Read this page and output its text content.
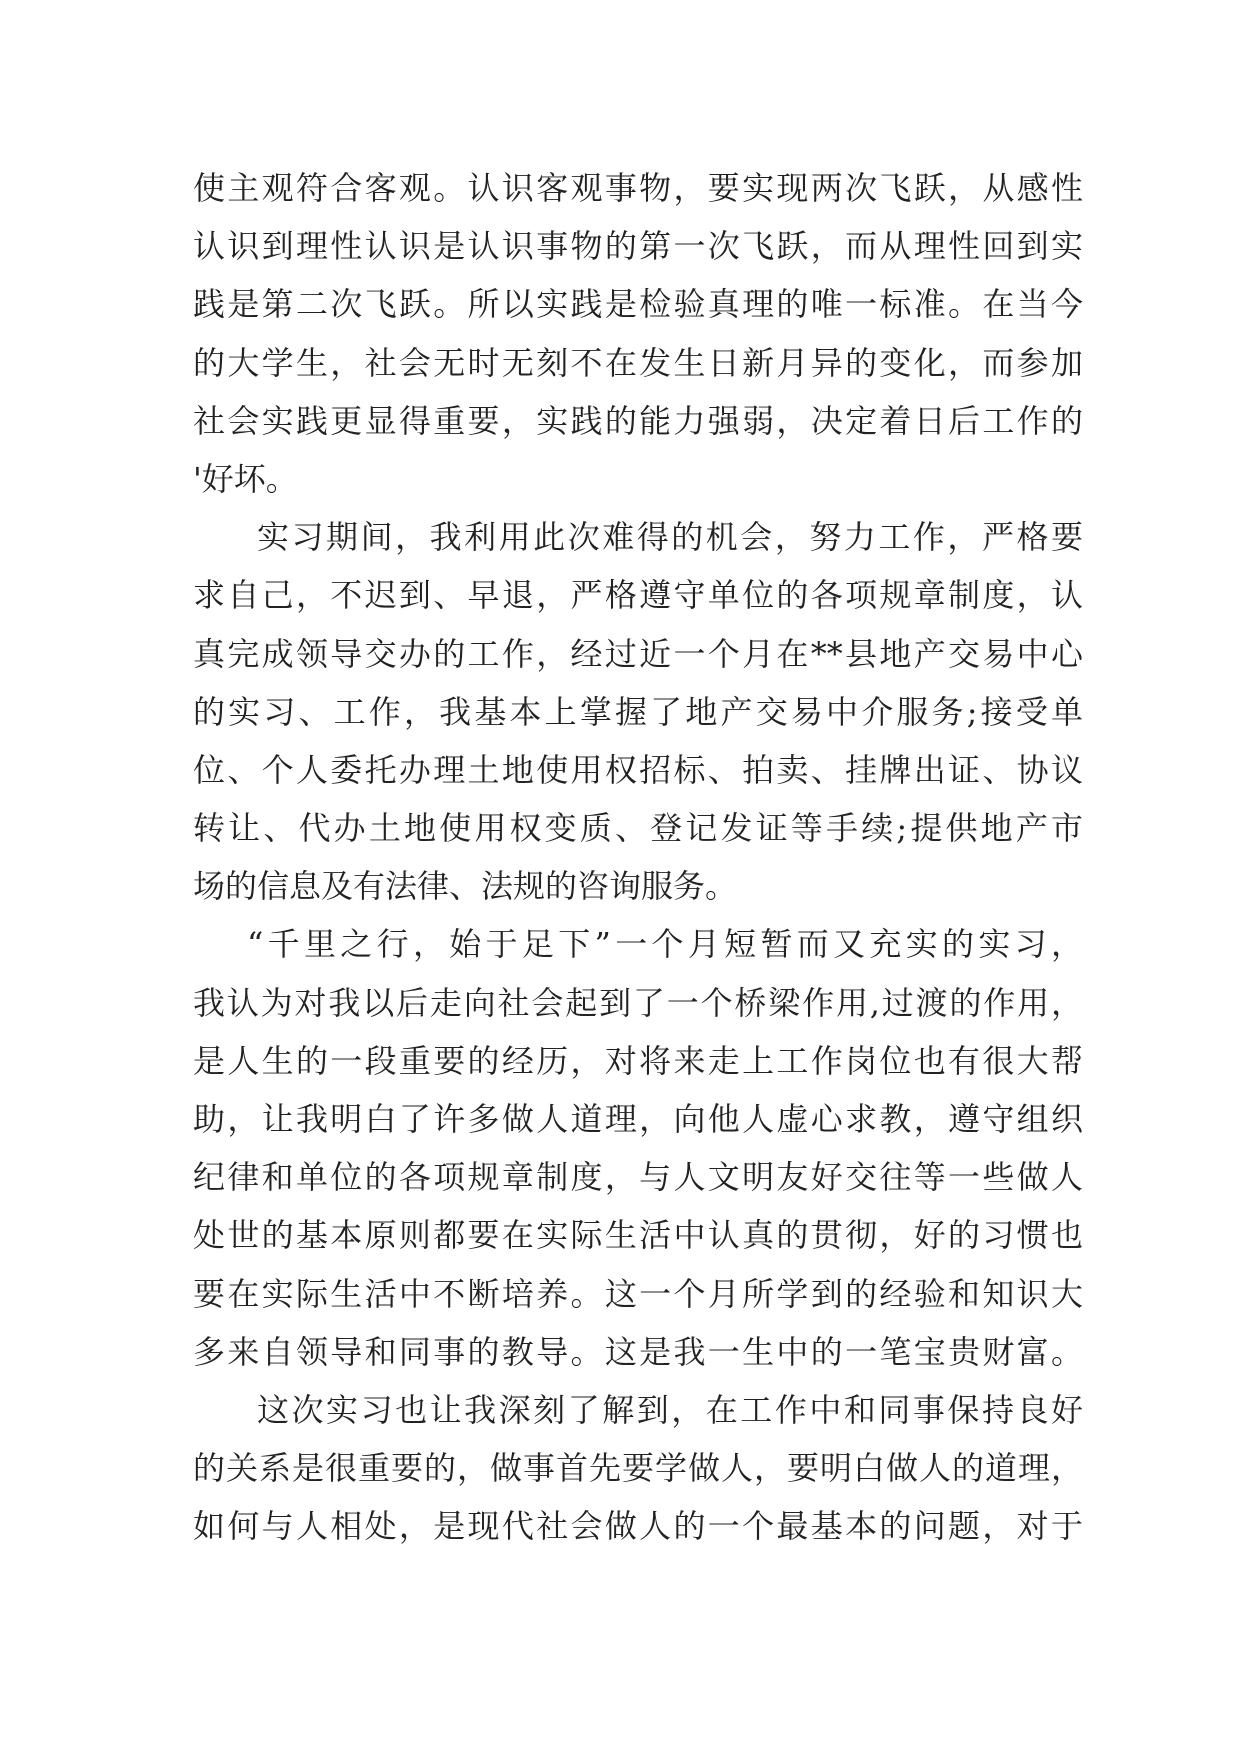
使主观符合客观。认识客观事物，要实现两次飞跃，从感性

认识到理性认识是认识事物的第一次飞跃，而从理性回到实

践是第二次飞跃。所以实践是检验真理的唯一标准。在当今

的大学生，社会无时无刻不在发生日新月异的变化，而参加

社会实践更显得重要，实践的能力强弱，决定着日后工作的

'好坏。

实习期间，我利用此次难得的机会，努力工作，严格要

求自己，不迟到、早退，严格遵守单位的各项规章制度，认

真完成领导交办的工作，经过近一个月在**县地产交易中心

的实习、工作，我基本上掌握了地产交易中介服务;接受单

位、个人委托办理土地使用权招标、拍卖、挂牌出证、协议

转让、代办土地使用权变质、登记发证等手续;提供地产市

场的信息及有法律、法规的咨询服务。

“千里之行，始于足下”一个月短暂而又充实的实习，

我认为对我以后走向社会起到了一个桥梁作用,过渡的作用，

是人生的一段重要的经历，对将来走上工作岗位也有很大帮

助，让我明白了许多做人道理，向他人虚心求教，遵守组织

纪律和单位的各项规章制度，与人文明友好交往等一些做人

处世的基本原则都要在实际生活中认真的贯彻，好的习惯也

要在实际生活中不断培养。这一个月所学到的经验和知识大

多来自领导和同事的教导。这是我一生中的一笔宝贵财富。

这次实习也让我深刻了解到，在工作中和同事保持良好

的关系是很重要的，做事首先要学做人，要明白做人的道理，

如何与人相处，是现代社会做人的一个最基本的问题，对于
